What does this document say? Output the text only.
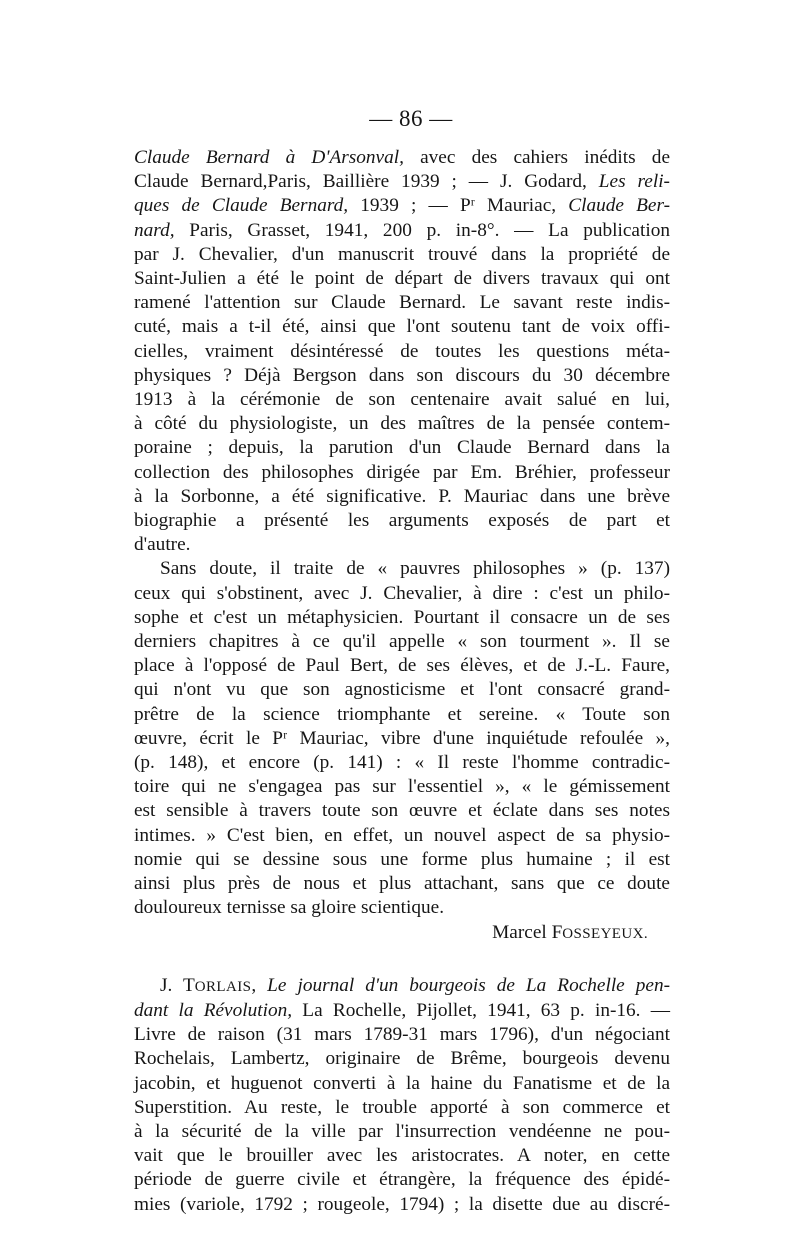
— 86 —
Claude Bernard à D'Arsonval, avec des cahiers inédits de
Claude Bernard,Paris, Baillière 1939 ; — J. Godard, Les reli-
ques de Claude Bernard, 1939 ; — Pʳ Mauriac, Claude Ber-
nard, Paris, Grasset, 1941, 200 p. in-8°. — La publication
par J. Chevalier, d'un manuscrit trouvé dans la propriété de
Saint-Julien a été le point de départ de divers travaux qui ont
ramené l'attention sur Claude Bernard. Le savant reste indis-
cuté, mais a t-il été, ainsi que l'ont soutenu tant de voix offi-
cielles, vraiment désintéressé de toutes les questions méta-
physiques ? Déjà Bergson dans son discours du 30 décembre
1913 à la cérémonie de son centenaire avait salué en lui,
à côté du physiologiste, un des maîtres de la pensée contem-
poraine ; depuis, la parution d'un Claude Bernard dans la
collection des philosophes dirigée par Em. Bréhier, professeur
à la Sorbonne, a été significative. P. Mauriac dans une brève
biographie a présenté les arguments exposés de part et
d'autre.
Sans doute, il traite de « pauvres philosophes » (p. 137)
ceux qui s'obstinent, avec J. Chevalier, à dire : c'est un philo-
sophe et c'est un métaphysicien. Pourtant il consacre un de ses
derniers chapitres à ce qu'il appelle « son tourment ». Il se
place à l'opposé de Paul Bert, de ses élèves, et de J.-L. Faure,
qui n'ont vu que son agnosticisme et l'ont consacré grand-
prêtre de la science triomphante et sereine. « Toute son
œuvre, écrit le Pʳ Mauriac, vibre d'une inquiétude refoulée »,
(p. 148), et encore (p. 141) : « Il reste l'homme contradic-
toire qui ne s'engagea pas sur l'essentiel », « le gémissement
est sensible à travers toute son œuvre et éclate dans ses notes
intimes. » C'est bien, en effet, un nouvel aspect de sa physio-
nomie qui se dessine sous une forme plus humaine ; il est
ainsi plus près de nous et plus attachant, sans que ce doute
douloureux ternisse sa gloire scientique.
Marcel FOSSEYEUX.
J. TORLAIS, Le journal d'un bourgeois de La Rochelle pen-
dant la Révolution, La Rochelle, Pijollet, 1941, 63 p. in-16. —
Livre de raison (31 mars 1789-31 mars 1796), d'un négociant
Rochelais, Lambertz, originaire de Brême, bourgeois devenu
jacobin, et huguenot converti à la haine du Fanatisme et de la
Superstition. Au reste, le trouble apporté à son commerce et
à la sécurité de la ville par l'insurrection vendéenne ne pou-
vait que le brouiller avec les aristocrates. A noter, en cette
période de guerre civile et étrangère, la fréquence des épidé-
mies (variole, 1792 ; rougeole, 1794) ; la disette due au discré-
